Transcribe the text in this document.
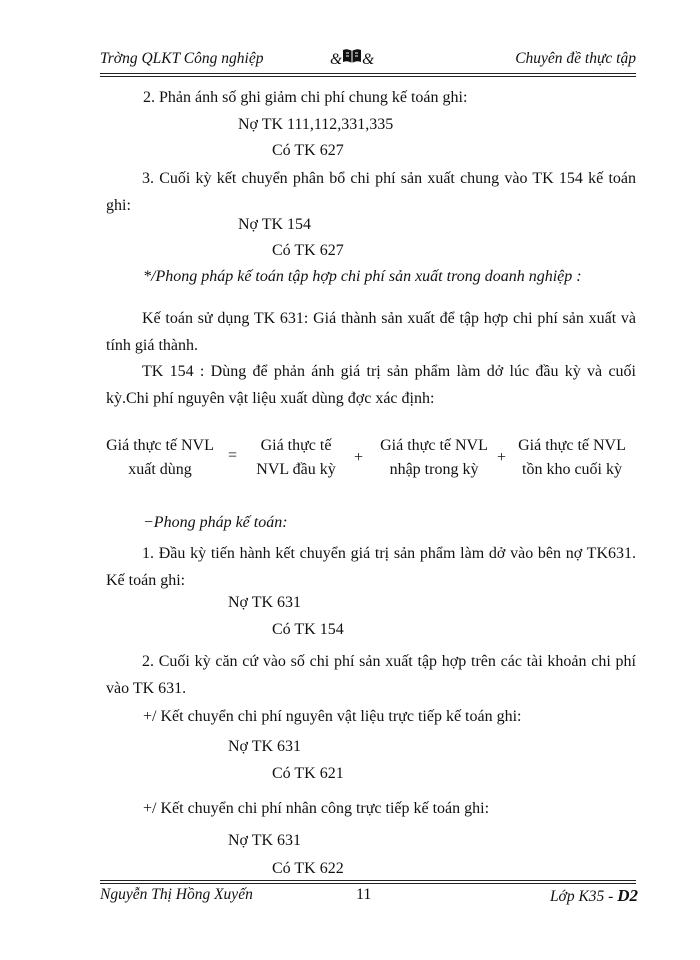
Trờng QLKT Công nghiệp	& &	Chuyên đề thực tập
2. Phản ánh số ghi giảm chi phí chung kế toán ghi:
Nợ TK 111,112,331,335
Có TK 627
3. Cuối kỳ kết chuyển phân bổ chi phí sản xuất chung vào TK 154 kế toán ghi:
Nợ TK 154
Có TK 627
*/Phong pháp kế toán tập hợp chi phí sản xuất trong doanh nghiệp :
Kế toán sử dụng TK 631: Giá thành sản xuất để tập hợp chi phí sản xuất và tính giá thành.
TK 154 : Dùng để phản ánh giá trị sản phẩm làm dở lúc đầu kỳ và cuối kỳ.Chi phí nguyên vật liệu xuất dùng đợc xác định:
Giá thực tế NVL
xuất dùng
=
Giá thực tế
NVL đầu kỳ
+
Giá thực tế NVL
nhập trong kỳ
+
Giá thực tế NVL
tồn kho cuối kỳ
−Phong pháp kế toán:
1. Đầu kỳ tiến hành kết chuyển giá trị sản phẩm làm dở vào bên nợ TK631. Kế toán ghi:
Nợ TK 631
Có TK 154
2. Cuối kỳ căn cứ vào số chi phí sản xuất tập hợp trên các tài khoản chi phí vào TK 631.
+/ Kết chuyển chi phí nguyên vật liệu trực tiếp kế toán ghi:
Nợ TK 631
Có TK 621
+/ Kết chuyển chi phí nhân công trực tiếp kế toán ghi:
Nợ TK 631
Có TK 622
Nguyễn Thị Hồng Xuyến	11	Lớp K35 - D2
